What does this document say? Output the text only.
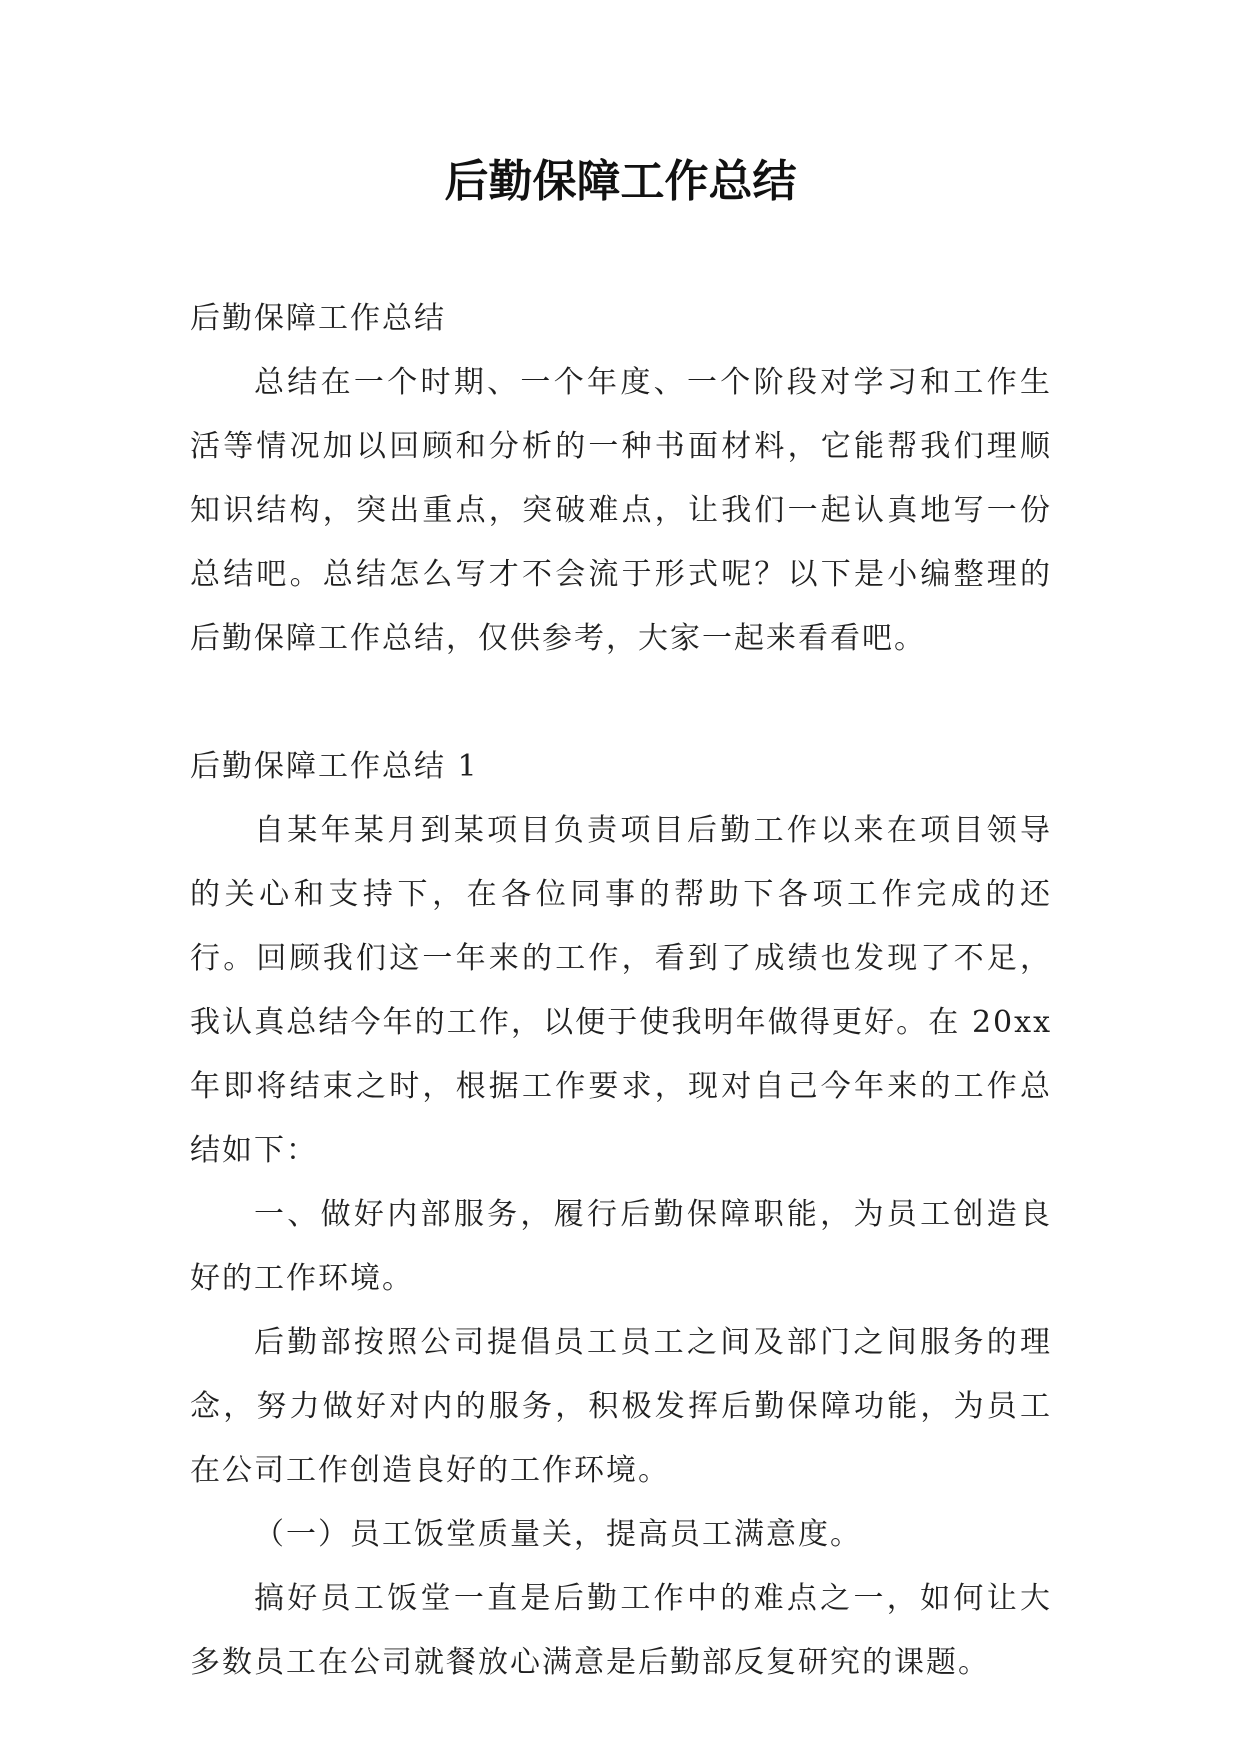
后勤保障工作总结

后勤保障工作总结

总结在一个时期、一个年度、一个阶段对学习和工作生活等情况加以回顾和分析的一种书面材料，它能帮我们理顺知识结构，突出重点，突破难点，让我们一起认真地写一份总结吧。总结怎么写才不会流于形式呢？以下是小编整理的后勤保障工作总结，仅供参考，大家一起来看看吧。

后勤保障工作总结 1

自某年某月到某项目负责项目后勤工作以来在项目领导的关心和支持下，在各位同事的帮助下各项工作完成的还行。回顾我们这一年来的工作，看到了成绩也发现了不足，我认真总结今年的工作，以便于使我明年做得更好。在 20xx 年即将结束之时，根据工作要求，现对自己今年来的工作总结如下：

一、做好内部服务，履行后勤保障职能，为员工创造良好的工作环境。

后勤部按照公司提倡员工员工之间及部门之间服务的理念，努力做好对内的服务，积极发挥后勤保障功能，为员工在公司工作创造良好的工作环境。

（一）员工饭堂质量关，提高员工满意度。

搞好员工饭堂一直是后勤工作中的难点之一，如何让大多数员工在公司就餐放心满意是后勤部反复研究的课题。
